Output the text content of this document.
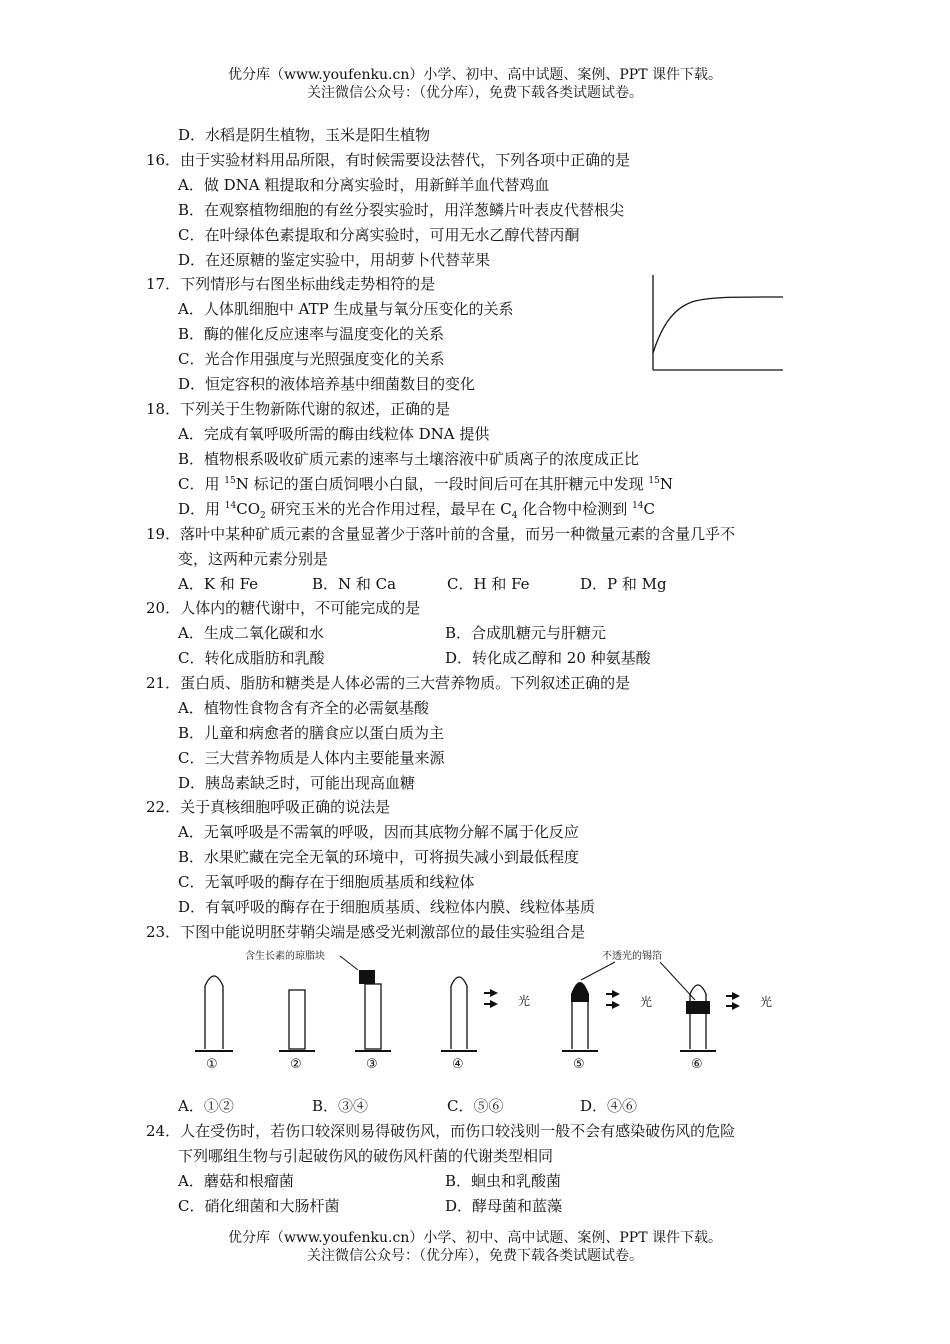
优分库（www.youfenku.cn）小学、初中、高中试题、案例、PPT 课件下载。
关注微信公众号：（优分库），免费下载各类试题试卷。
D．水稻是阴生植物，玉米是阳生植物
16．由于实验材料用品所限，有时候需要设法替代，下列各项中正确的是
A．做 DNA 粗提取和分离实验时，用新鲜羊血代替鸡血
B．在观察植物细胞的有丝分裂实验时，用洋葱鳞片叶表皮代替根尖
C．在叶绿体色素提取和分离实验时，可用无水乙醇代替丙酮
D．在还原糖的鉴定实验中，用胡萝卜代替苹果
17．下列情形与右图坐标曲线走势相符的是
A．人体肌细胞中 ATP 生成量与氧分压变化的关系
B．酶的催化反应速率与温度变化的关系
C．光合作用强度与光照强度变化的关系
D．恒定容积的液体培养基中细菌数目的变化
18．下列关于生物新陈代谢的叙述，正确的是
A．完成有氧呼吸所需的酶由线粒体 DNA 提供
B．植物根系吸收矿质元素的速率与土壤溶液中矿质离子的浓度成正比
C．用 $^{15}$N 标记的蛋白质饲喂小白鼠，一段时间后可在其肝糖元中发现 $^{15}$N
D．用 $^{14}CO_2$ 研究玉米的光合作用过程，最早在 $C_4$ 化合物中检测到 $^{14}$C
19．落叶中某种矿质元素的含量显著少于落叶前的含量，而另一种微量元素的含量几乎不
变，这两种元素分别是
A．K 和 Fe	B．N 和 Ca	C．H 和 Fe	D．P 和 Mg
20．人体内的糖代谢中，不可能完成的是
A．生成二氧化碳和水	B．合成肌糖元与肝糖元
C．转化成脂肪和乳酸	D．转化成乙醇和 20 种氨基酸
21．蛋白质、脂肪和糖类是人体必需的三大营养物质。下列叙述正确的是
A．植物性食物含有齐全的必需氨基酸
B．儿童和病愈者的膳食应以蛋白质为主
C．三大营养物质是人体内主要能量来源
D．胰岛素缺乏时，可能出现高血糖
22．关于真核细胞呼吸正确的说法是
A．无氧呼吸是不需氧的呼吸，因而其底物分解不属于化反应
B．水果贮藏在完全无氧的环境中，可将损失减小到最低程度
C．无氧呼吸的酶存在于细胞质基质和线粒体
D．有氧呼吸的酶存在于细胞质基质、线粒体内膜、线粒体基质
23．下图中能说明胚芽鞘尖端是感受光刺激部位的最佳实验组合是
含生长素的琼脂块	不透光的锡箔
①	②	③
光
④
光
⑤
光
⑥
A．①②	B．③④	C．⑤⑥	D．④⑥
24．人在受伤时，若伤口较深则易得破伤风，而伤口较浅则一般不会有感染破伤风的危险
下列哪组生物与引起破伤风的破伤风杆菌的代谢类型相同
A．蘑菇和根瘤菌	B．蛔虫和乳酸菌
C．硝化细菌和大肠杆菌	D．酵母菌和蓝藻
优分库（www.youfenku.cn）小学、初中、高中试题、案例、PPT 课件下载。
关注微信公众号：（优分库），免费下载各类试题试卷。
